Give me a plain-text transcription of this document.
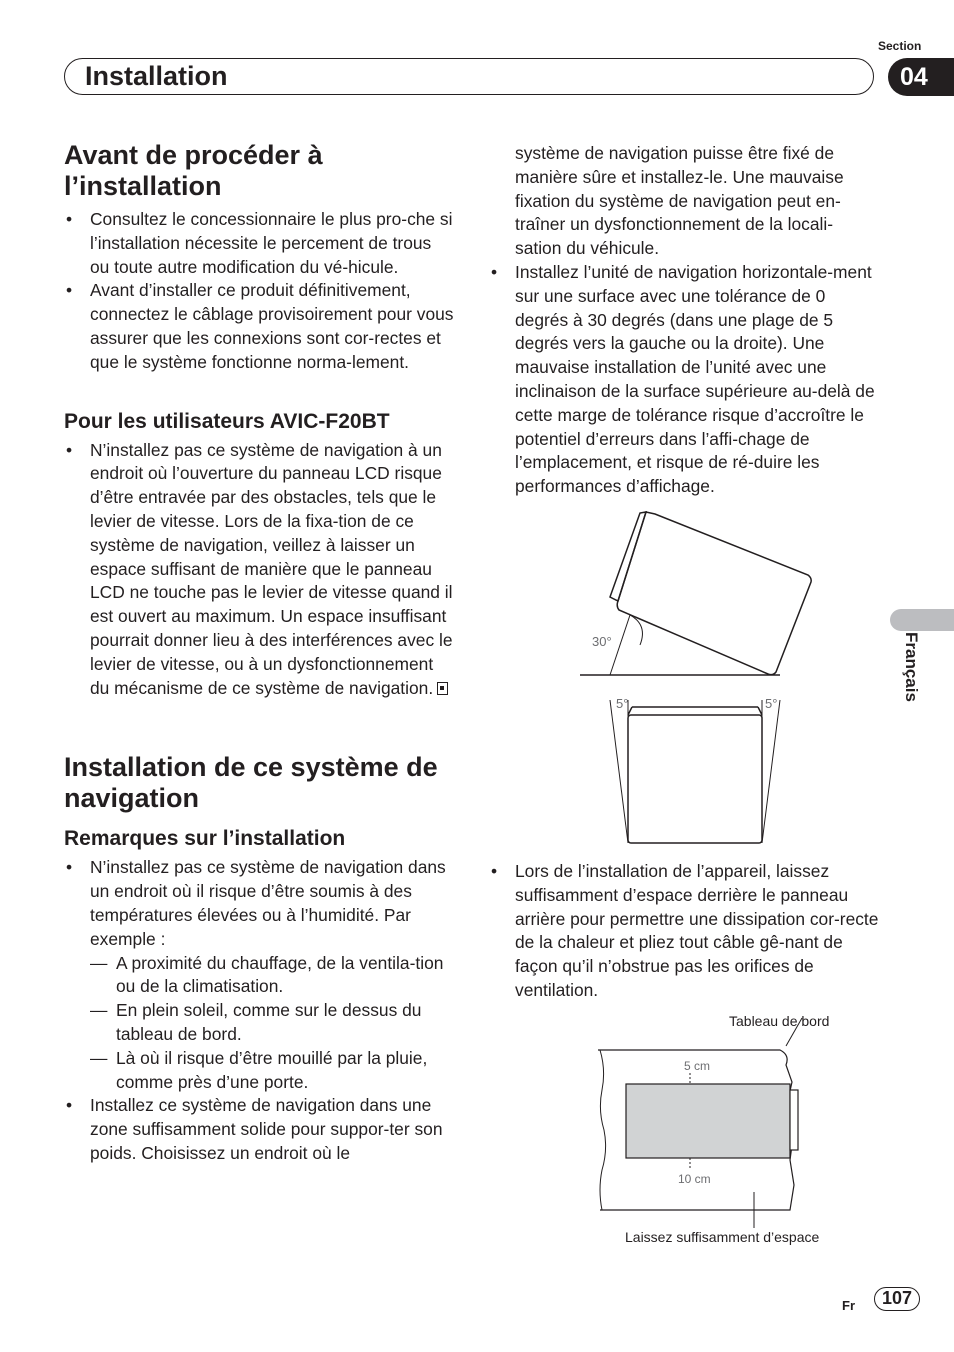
Section
Installation	04
Français
Avant de procéder à l’installation
• Consultez le concessionnaire le plus pro-che si l’installation nécessite le percement de trous ou toute autre modification du vé-hicule.
• Avant d’installer ce produit définitivement, connectez le câblage provisoirement pour vous assurer que les connexions sont cor-rectes et que le système fonctionne norma-lement.
Pour les utilisateurs AVIC-F20BT
• N’installez pas ce système de navigation à un endroit où l’ouverture du panneau LCD risque d’être entravée par des obstacles, tels que le levier de vitesse. Lors de la fixa-tion de ce système de navigation, veillez à laisser un espace suffisant de manière que le panneau LCD ne touche pas le levier de vitesse quand il est ouvert au maximum. Un espace insuffisant pourrait donner lieu à des interférences avec le levier de vitesse, ou à un dysfonctionnement du mécanisme de ce système de navigation.
Installation de ce système de navigation
Remarques sur l’installation
• N’installez pas ce système de navigation dans un endroit où il risque d’être soumis à des températures élevées ou à l’humidité. Par exemple :
— A proximité du chauffage, de la ventila-tion ou de la climatisation.
— En plein soleil, comme sur le dessus du tableau de bord.
— Là où il risque d’être mouillé par la pluie, comme près d’une porte.
• Installez ce système de navigation dans une zone suffisamment solide pour suppor-ter son poids. Choisissez un endroit où le
système de navigation puisse être fixé de manière sûre et installez-le. Une mauvaise fixation du système de navigation peut en-traîner un dysfonctionnement de la locali-sation du véhicule.
• Installez l’unité de navigation horizontale-ment sur une surface avec une tolérance de 0 degrés à 30 degrés (dans une plage de 5 degrés vers la gauche ou la droite). Une mauvaise installation de l’unité avec une inclinaison de la surface supérieure au-delà de cette marge de tolérance risque d’accroître le potentiel d’erreurs dans l’affi-chage de l’emplacement, et risque de ré-duire les performances d’affichage.
30°
5°	5°
• Lors de l’installation de l’appareil, laissez suffisamment d’espace derrière le panneau arrière pour permettre une dissipation cor-recte de la chaleur et pliez tout câble gê-nant de façon qu’il n’obstrue pas les orifices de ventilation.
5 cm
10 cm
Tableau de bord
Laissez suffisamment d’espace
Fr	107
